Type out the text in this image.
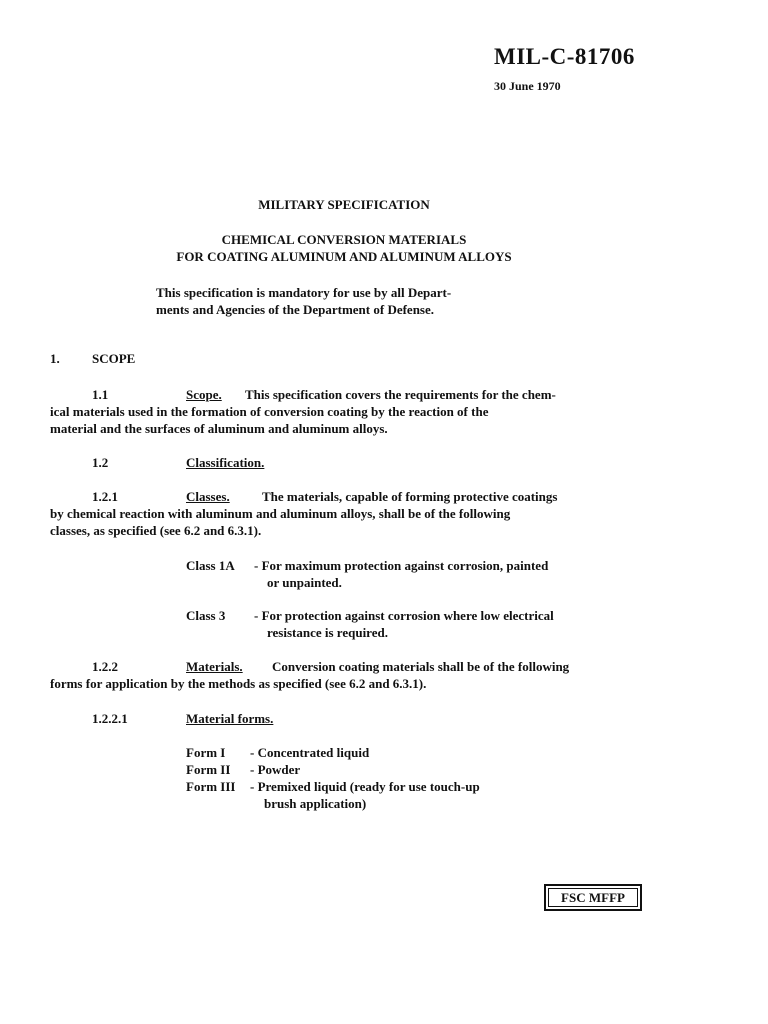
MIL-C-81706
30 June 1970
MILITARY SPECIFICATION
CHEMICAL CONVERSION MATERIALS
FOR COATING ALUMINUM AND ALUMINUM ALLOYS
This specification is mandatory for use by all Depart-
ments and Agencies of the Department of Defense.
1. SCOPE
1.1	Scope. This specification covers the requirements for the chem-
ical materials used in the formation of conversion coating by the reaction of the
material and the surfaces of aluminum and aluminum alloys.
1.2	Classification.
1.2.1	Classes. The materials, capable of forming protective coatings
by chemical reaction with aluminum and aluminum alloys, shall be of the following
classes, as specified (see 6.2 and 6.3.1).
Class 1A - For maximum protection against corrosion, painted
or unpainted.
Class 3 - For protection against corrosion where low electrical
resistance is required.
1.2.2	Materials. Conversion coating materials shall be of the following
forms for application by the methods as specified (see 6.2 and 6.3.1).
1.2.2.1	Material forms.
Form I - Concentrated liquid
Form II - Powder
Form III - Premixed liquid (ready for use touch-up
brush application)
FSC MFFP
